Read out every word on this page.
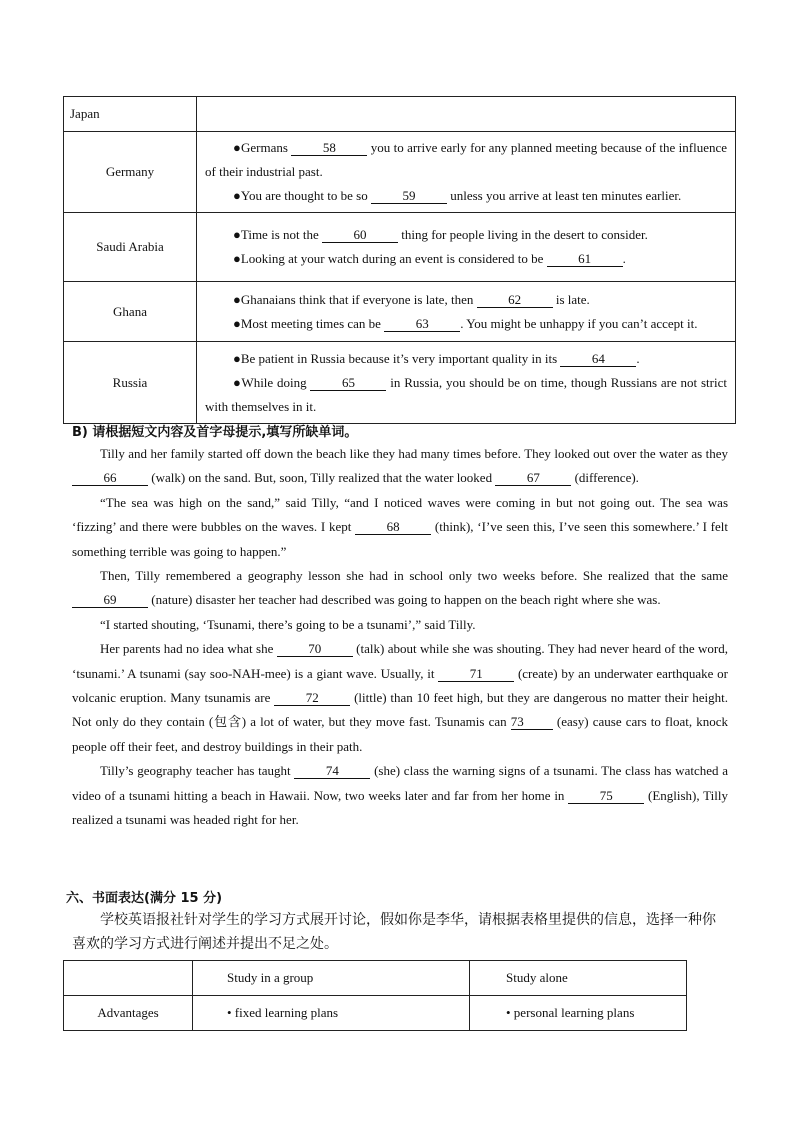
Japan	
Germany	●Germans 58 you to arrive early for any planned meeting because of the influence of their industrial past.
●You are thought to be so 59 unless you arrive at least ten minutes earlier.

Saudi Arabia	●Time is not the 60 thing for people living in the desert to consider.
●Looking at your watch during an event is considered to be 61 .

Ghana	●Ghanaians think that if everyone is late, then 62 is late.
●Most meeting times can be 63 . You might be unhappy if you can’t accept it.

Russia	●Be patient in Russia because it’s very important quality in its 64 .
●While doing 65 in Russia, you should be on time, though Russians are not strict with themselves in it.
B) 请根据短文内容及首字母提示,填写所缺单词。

Tilly and her family started off down the beach like they had many times before. They looked out over the water as they 66 (walk) on the sand. But, soon, Tilly realized that the water looked 67 (difference).

“The sea was high on the sand,” said Tilly, “and I noticed waves were coming in but not going out. The sea was ‘fizzing’ and there were bubbles on the waves. I kept 68 (think), ‘I’ve seen this, I’ve seen this somewhere.’ I felt something terrible was going to happen.”

Then, Tilly remembered a geography lesson she had in school only two weeks before. She realized that the same 69 (nature) disaster her teacher had described was going to happen on the beach right where she was.

“I started shouting, ‘Tsunami, there’s going to be a tsunami’,” said Tilly.

Her parents had no idea what she 70 (talk) about while she was shouting. They had never heard of the word, ‘tsunami.’ A tsunami (say soo-NAH-mee) is a giant wave. Usually, it 71 (create) by an underwater earthquake or volcanic eruption. Many tsunamis are 72 (little) than 10 feet high, but they are dangerous no matter their height. Not only do they contain (包含) a lot of water, but they move fast. Tsunamis can 73 (easy) cause cars to float, knock people off their feet, and destroy buildings in their path.

Tilly’s geography teacher has taught 74 (she) class the warning signs of a tsunami. The class has watched a video of a tsunami hitting a beach in Hawaii. Now, two weeks later and far from her home in 75 (English), Tilly realized a tsunami was headed right for her.

六、书面表达(满分 15 分)
学校英语报社针对学生的学习方式展开讨论，假如你是李华，请根据表格里提供的信息，选择一种你喜欢的学习方式进行阐述并提出不足之处。
	Study in a group	Study alone
Advantages	• fixed learning plans	• personal learning plans
